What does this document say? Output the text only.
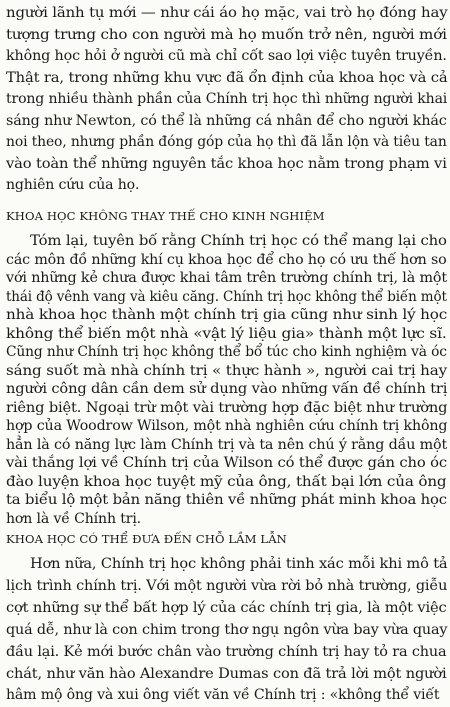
người lãnh tụ mới — như cái áo họ mặc, vai trò họ đóng hay
tượng trưng cho con người mà họ muốn trở nên, người mới
không học hỏi ở người cũ mà chỉ cốt sao lợi việc tuyên truyền.
Thật ra, trong những khu vực đã ổn định của khoa học và cả
trong nhiều thành phần của Chính trị học thì những người khai
sáng như Newton, có thể là những cá nhân để cho người khác
noi theo, nhưng phần đóng góp của họ thì đã lẫn lộn và tiêu tan
vào toàn thể những nguyên tắc khoa học nằm trong phạm vi
nghiên cứu của họ.
KHOA HỌC KHÔNG THAY THẾ CHO KINH NGHIỆM
Tóm lại, tuyên bố rằng Chính trị học có thể mang lại cho
các môn đồ những khí cụ khoa học để cho họ có ưu thế hơn so
với những kẻ chưa được khai tâm trên trường chính trị, là một
thái độ vênh vang và kiêu căng. Chính trị học không thể biến một
nhà khoa học thành một chính trị gia cũng như sinh lý học
không thể biến một nhà «vật lý liệu gia» thành một lực sĩ.
Cũng như Chính trị học không thể bổ túc cho kinh nghiệm và óc
sáng suốt mà nhà chính trị « thực hành », người cai trị hay
người công dân cần dem sử dụng vào những vấn đề chính trị
riêng biệt. Ngoại trừ một vài trường hợp đặc biệt như trường
hợp của Woodrow Wilson, một nhà nghiên cứu chính trị không
hẳn là có năng lực làm Chính trị và ta nên chú ý rằng dầu một
vài thắng lợi về Chính trị của Wilson có thể được gán cho óc
đào luyện khoa học tuyệt mỹ của ông, thất bại lớn của ông
ta biểu lộ một bản năng thiên về những phát minh khoa học
hơn là về Chính trị.
KHOA HỌC CÓ THỂ ĐƯA ĐẾN CHỖ LẦM LẪN
Hơn nữa, Chính trị học không phải tinh xác mỗi khi mô tả
lịch trình chính trị. Với một người vừa rời bỏ nhà trường, giễu
cợt những sự thể bất hợp lý của các chính trị gia, là một việc
quá dễ, như là con chim trong thơ ngụ ngôn vừa bay vừa quay
đầu lại. Kẻ mới bước chân vào trường chính trị hay tỏ ra chua
chát, như văn hào Alexandre Dumas con đã trả lời một người
hâm mộ ông và xui ông viết văn về Chính trị : «không thể viết
